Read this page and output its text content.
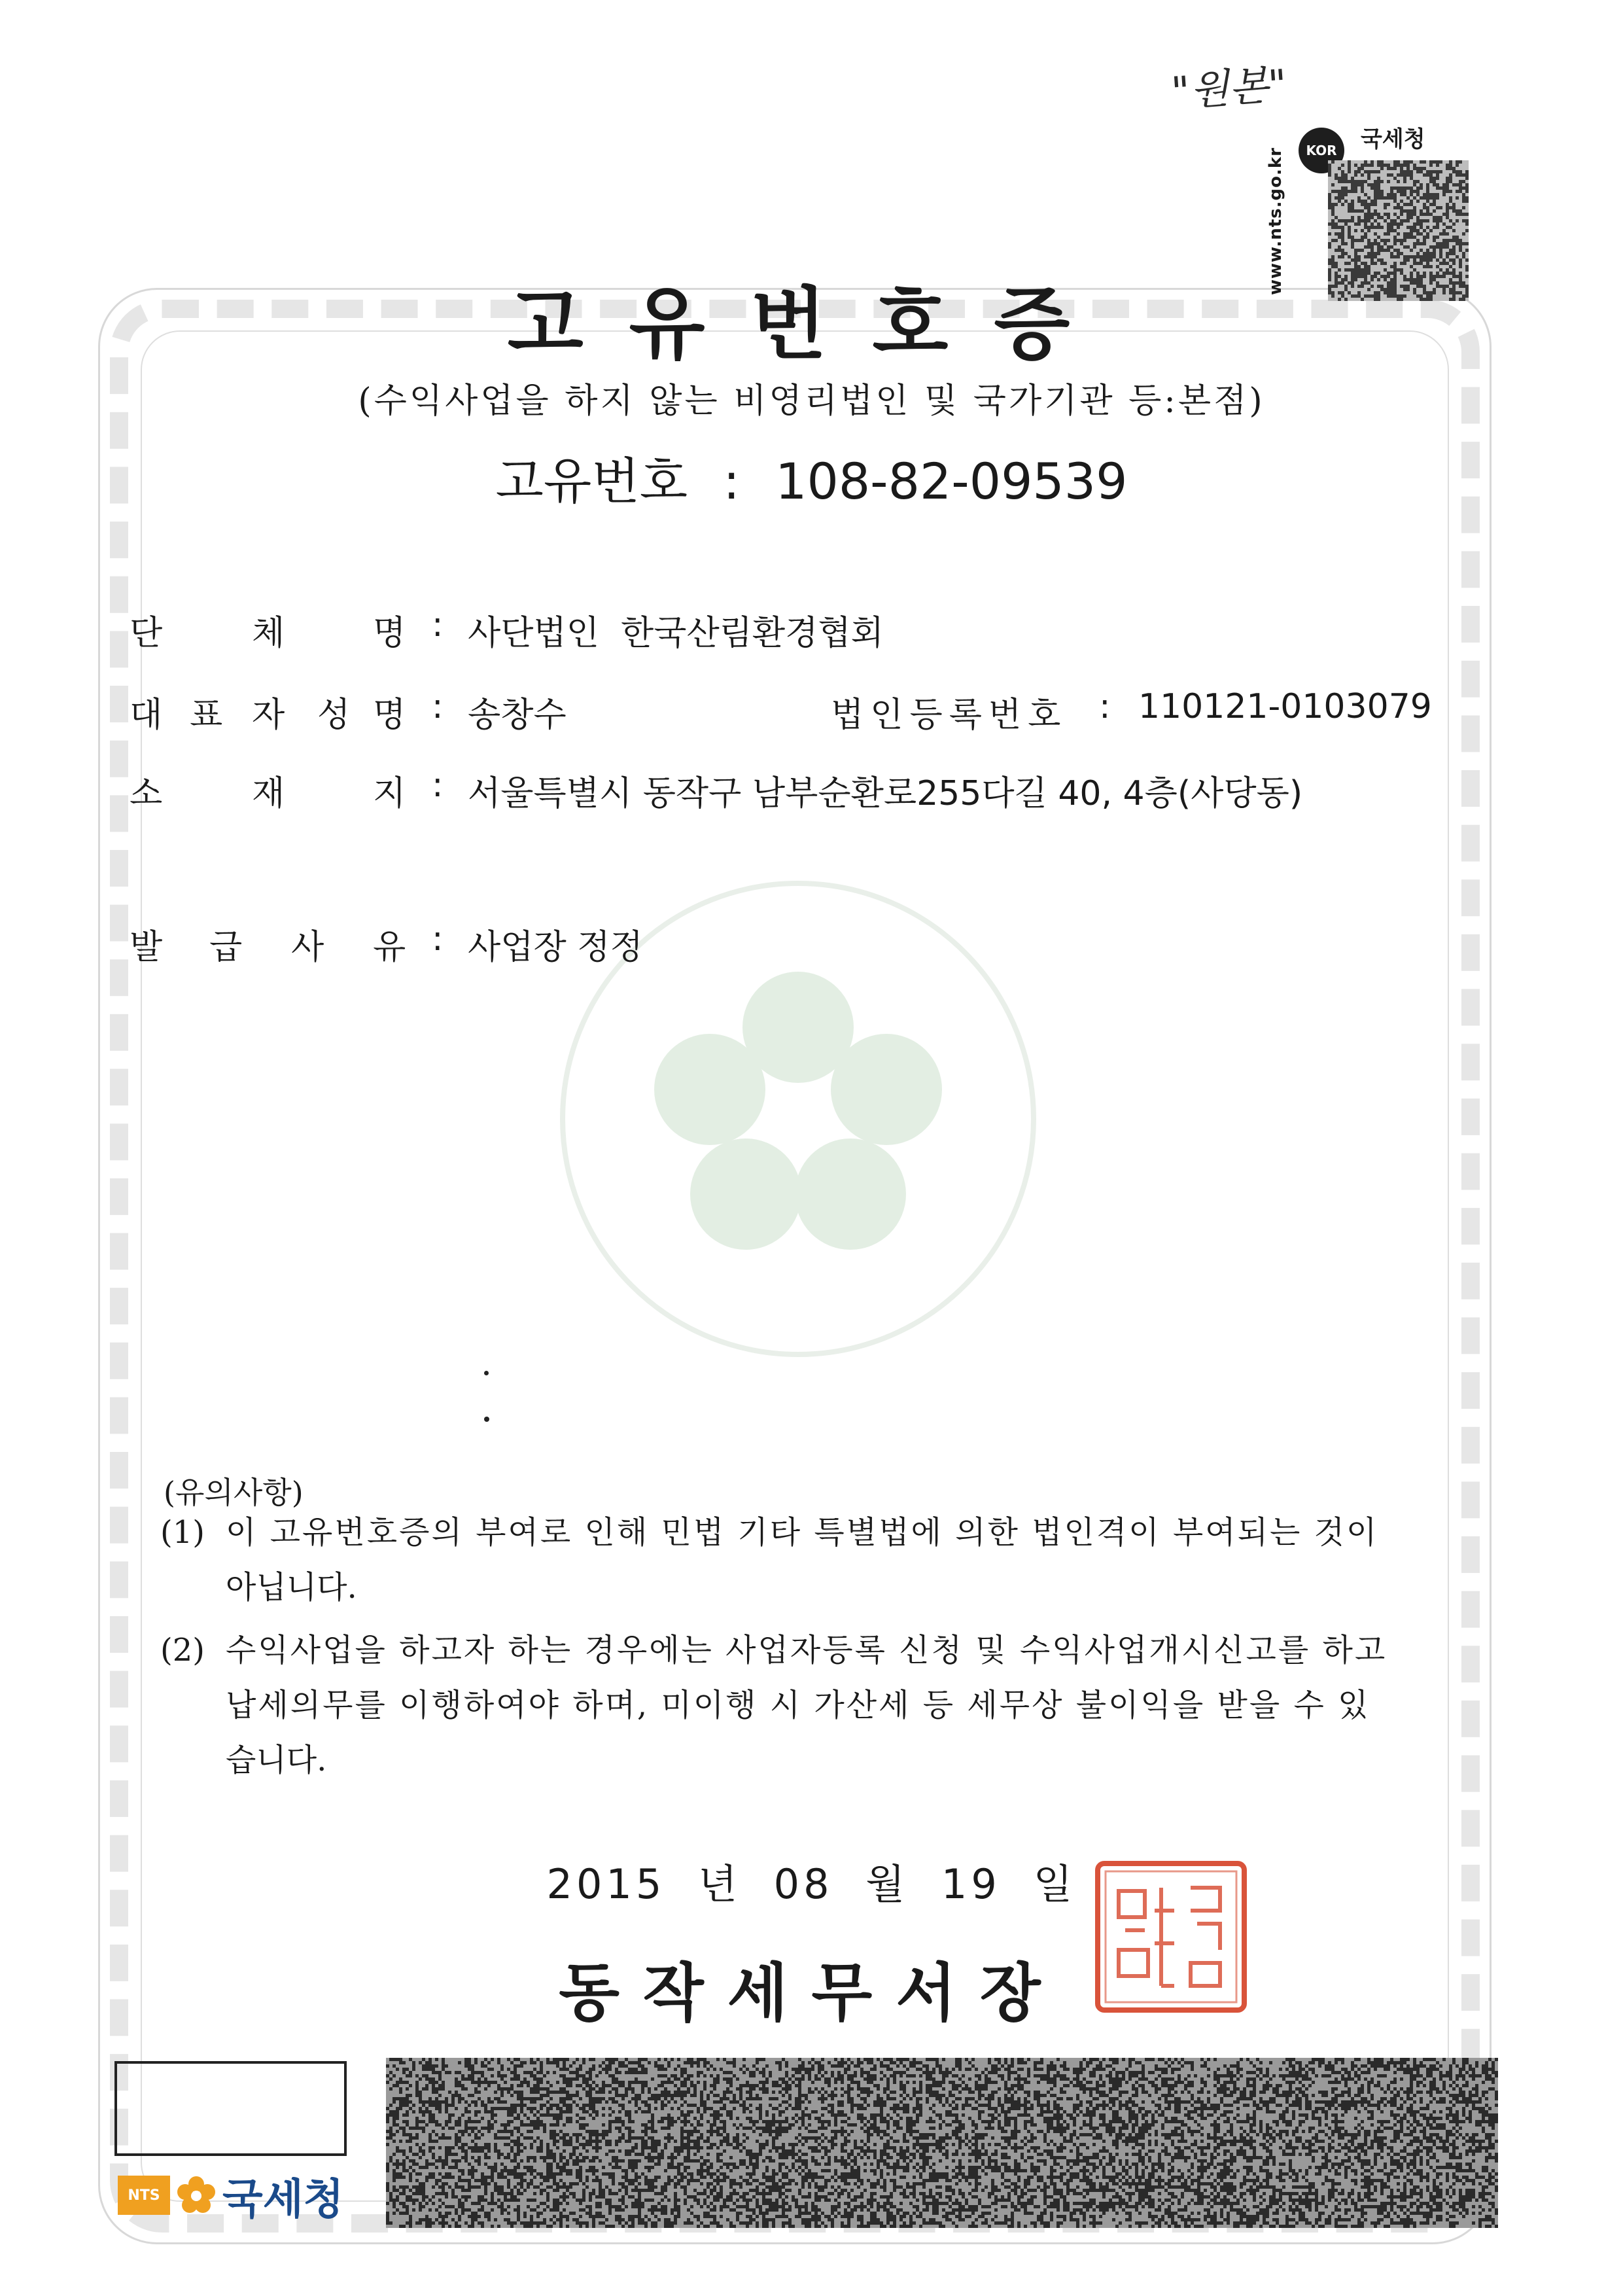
"원본"
KOR	국세청
www.nts.go.kr
고유번호증
(수익사업을 하지 않는 비영리법인 및 국가기관 등:본점)
고유번호 : 108-82-09539
단	체	명 : 사단법인  한국산림환경협회
대 표 자 성 명 : 송창수	법인등록번호 : 110121-0103079
소	재	지 : 서울특별시 동작구 남부순환로255다길 40, 4층(사당동)
발 급 사 유 : 사업장 정정
(유의사항)
(1) 이 고유번호증의 부여로 인해 민법 기타 특별법에 의한 법인격이 부여되는 것이
아닙니다.
(2) 수익사업을 하고자 하는 경우에는 사업자등록 신청 및 수익사업개시신고를 하고
납세의무를 이행하여야 하며, 미이행 시 가산세 등 세무상 불이익을 받을 수 있
습니다.
2015 년 08 월 19 일
동작세무서장
NTS 국세청
